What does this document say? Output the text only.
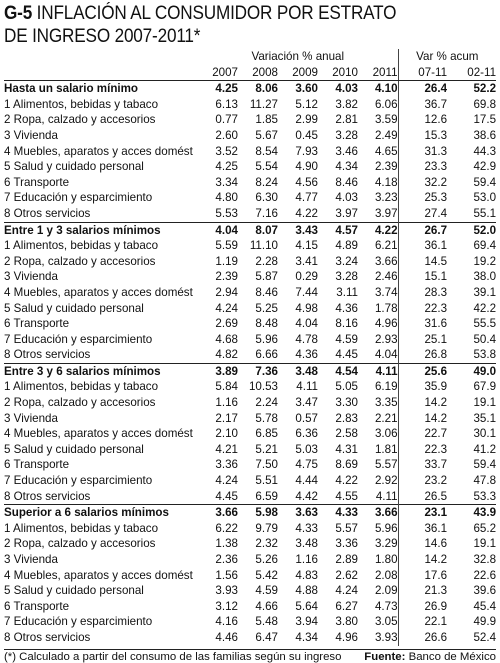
G-5 INFLACIÓN AL CONSUMIDOR POR ESTRATO
DE INGRESO 2007-2011*
	Variación % anual					Var % acum	
	2007	2008	2009	2010	2011	07-11	02-11
Hasta un salario mínimo	4.25	8.06	3.60	4.03	4.10	26.4	52.2
1 Alimentos, bebidas y tabaco	6.13	11.27	5.12	3.82	6.06	36.7	69.8
2 Ropa, calzado y accesorios	0.77	1.85	2.99	2.81	3.59	12.6	17.5
3 Vivienda	2.60	5.67	0.45	3.28	2.49	15.3	38.6
4 Muebles, aparatos y acces domést	3.52	8.54	7.93	3.46	4.65	31.3	44.3
5 Salud y cuidado personal	4.25	5.54	4.90	4.34	2.39	23.3	42.9
6 Transporte	3.34	8.24	4.56	8.46	4.18	32.2	59.4
7 Educación y esparcimiento	4.80	6.30	4.77	4.03	3.23	25.3	53.0
8 Otros servicios	5.53	7.16	4.22	3.97	3.97	27.4	55.1
Entre 1 y 3 salarios mínimos	4.04	8.07	3.43	4.57	4.22	26.7	52.0
1 Alimentos, bebidas y tabaco	5.59	11.10	4.15	4.89	6.21	36.1	69.4
2 Ropa, calzado y accesorios	1.19	2.28	3.41	3.24	3.66	14.5	19.2
3 Vivienda	2.39	5.87	0.29	3.28	2.46	15.1	38.0
4 Muebles, aparatos y acces domést	2.94	8.46	7.44	3.11	3.74	28.3	39.1
5 Salud y cuidado personal	4.24	5.25	4.98	4.36	1.78	22.3	42.2
6 Transporte	2.69	8.48	4.04	8.16	4.96	31.6	55.5
7 Educación y esparcimiento	4.68	5.96	4.78	4.59	2.93	25.1	50.4
8 Otros servicios	4.82	6.66	4.36	4.45	4.04	26.8	53.8
Entre 3 y 6 salarios mínimos	3.89	7.36	3.48	4.54	4.11	25.6	49.0
1 Alimentos, bebidas y tabaco	5.84	10.53	4.11	5.05	6.19	35.9	67.9
2 Ropa, calzado y accesorios	1.16	2.24	3.47	3.30	3.35	14.2	19.1
3 Vivienda	2.17	5.78	0.57	2.83	2.21	14.2	35.1
4 Muebles, aparatos y acces domést	2.10	6.85	6.36	2.58	3.06	22.7	30.1
5 Salud y cuidado personal	4.21	5.21	5.03	4.31	1.81	22.3	41.2
6 Transporte	3.36	7.50	4.75	8.69	5.57	33.7	59.4
7 Educación y esparcimiento	4.24	5.51	4.44	4.22	2.92	23.2	47.8
8 Otros servicios	4.45	6.59	4.42	4.55	4.11	26.5	53.3
Superior a 6 salarios mínimos	3.66	5.98	3.63	4.33	3.66	23.1	43.9
1 Alimentos, bebidas y tabaco	6.22	9.79	4.33	5.57	5.96	36.1	65.2
2 Ropa, calzado y accesorios	1.38	2.32	3.48	3.36	3.29	14.6	19.1
3 Vivienda	2.36	5.26	1.16	2.89	1.80	14.2	32.8
4 Muebles, aparatos y acces domést	1.56	5.42	4.83	2.62	2.08	17.6	22.6
5 Salud y cuidado personal	3.93	4.59	4.88	4.24	2.09	21.3	39.6
6 Transporte	3.12	4.66	5.64	6.27	4.73	26.9	45.4
7 Educación y esparcimiento	4.16	5.48	3.94	3.80	3.05	22.1	49.9
8 Otros servicios	4.46	6.47	4.34	4.96	3.93	26.6	52.4
(*) Calculado a partir del consumo de las familias según su ingreso Fuente: Banco de México
